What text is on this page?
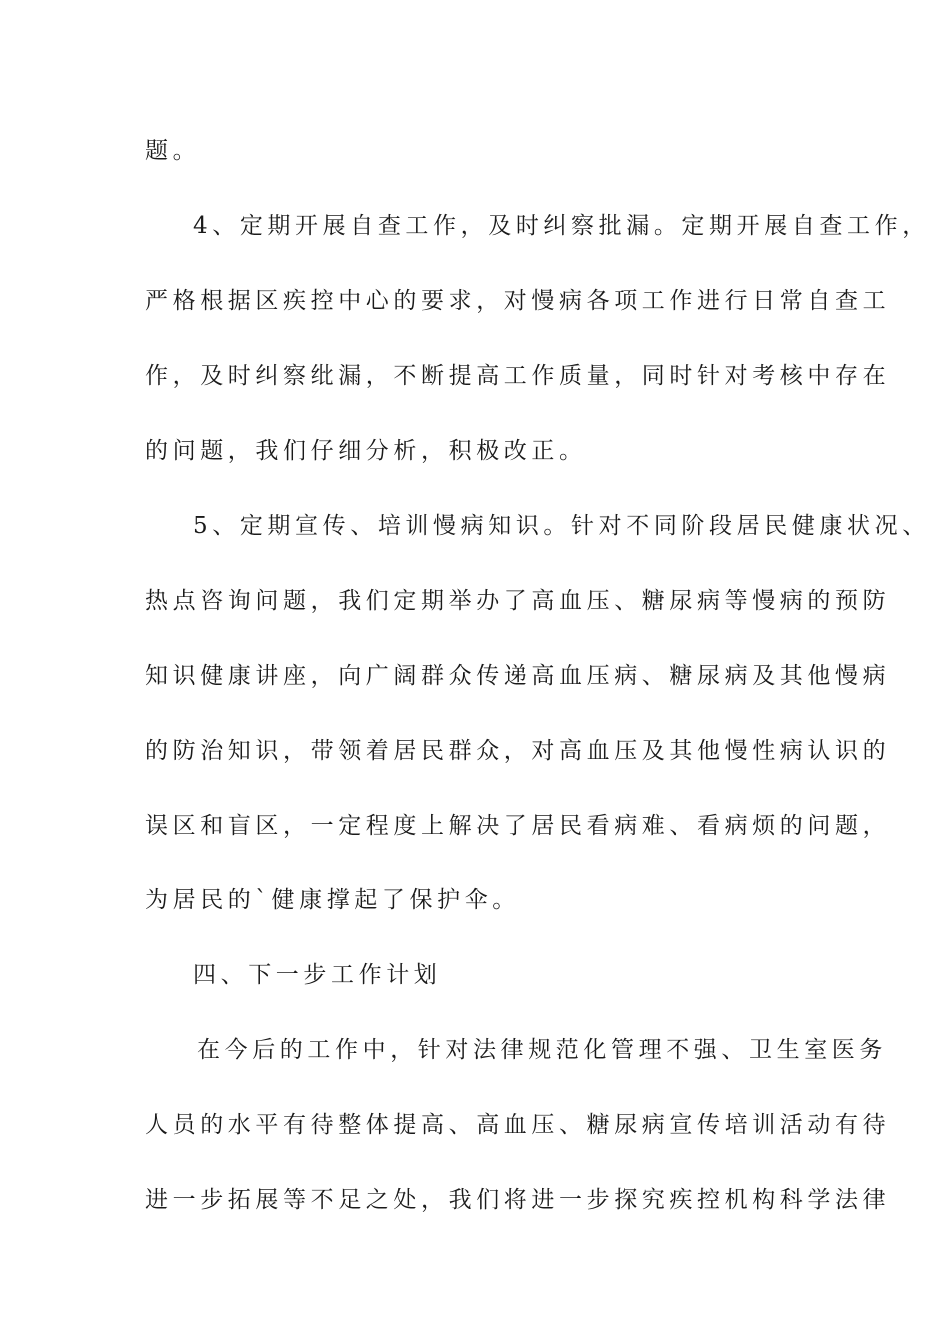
题。
4、定期开展自查工作，及时纠察批漏。定期开展自查工作，
严格根据区疾控中心的要求，对慢病各项工作进行日常自查工
作，及时纠察纰漏，不断提高工作质量，同时针对考核中存在
的问题，我们仔细分析，积极改正。
5、定期宣传、培训慢病知识。针对不同阶段居民健康状况、
热点咨询问题，我们定期举办了高血压、糖尿病等慢病的预防
知识健康讲座，向广阔群众传递高血压病、糖尿病及其他慢病
的防治知识，带领着居民群众，对高血压及其他慢性病认识的
误区和盲区，一定程度上解决了居民看病难、看病烦的问题，
为居民的`健康撑起了保护伞。
四、下一步工作计划
在今后的工作中，针对法律规范化管理不强、卫生室医务
人员的水平有待整体提高、高血压、糖尿病宣传培训活动有待
进一步拓展等不足之处，我们将进一步探究疾控机构科学法律
